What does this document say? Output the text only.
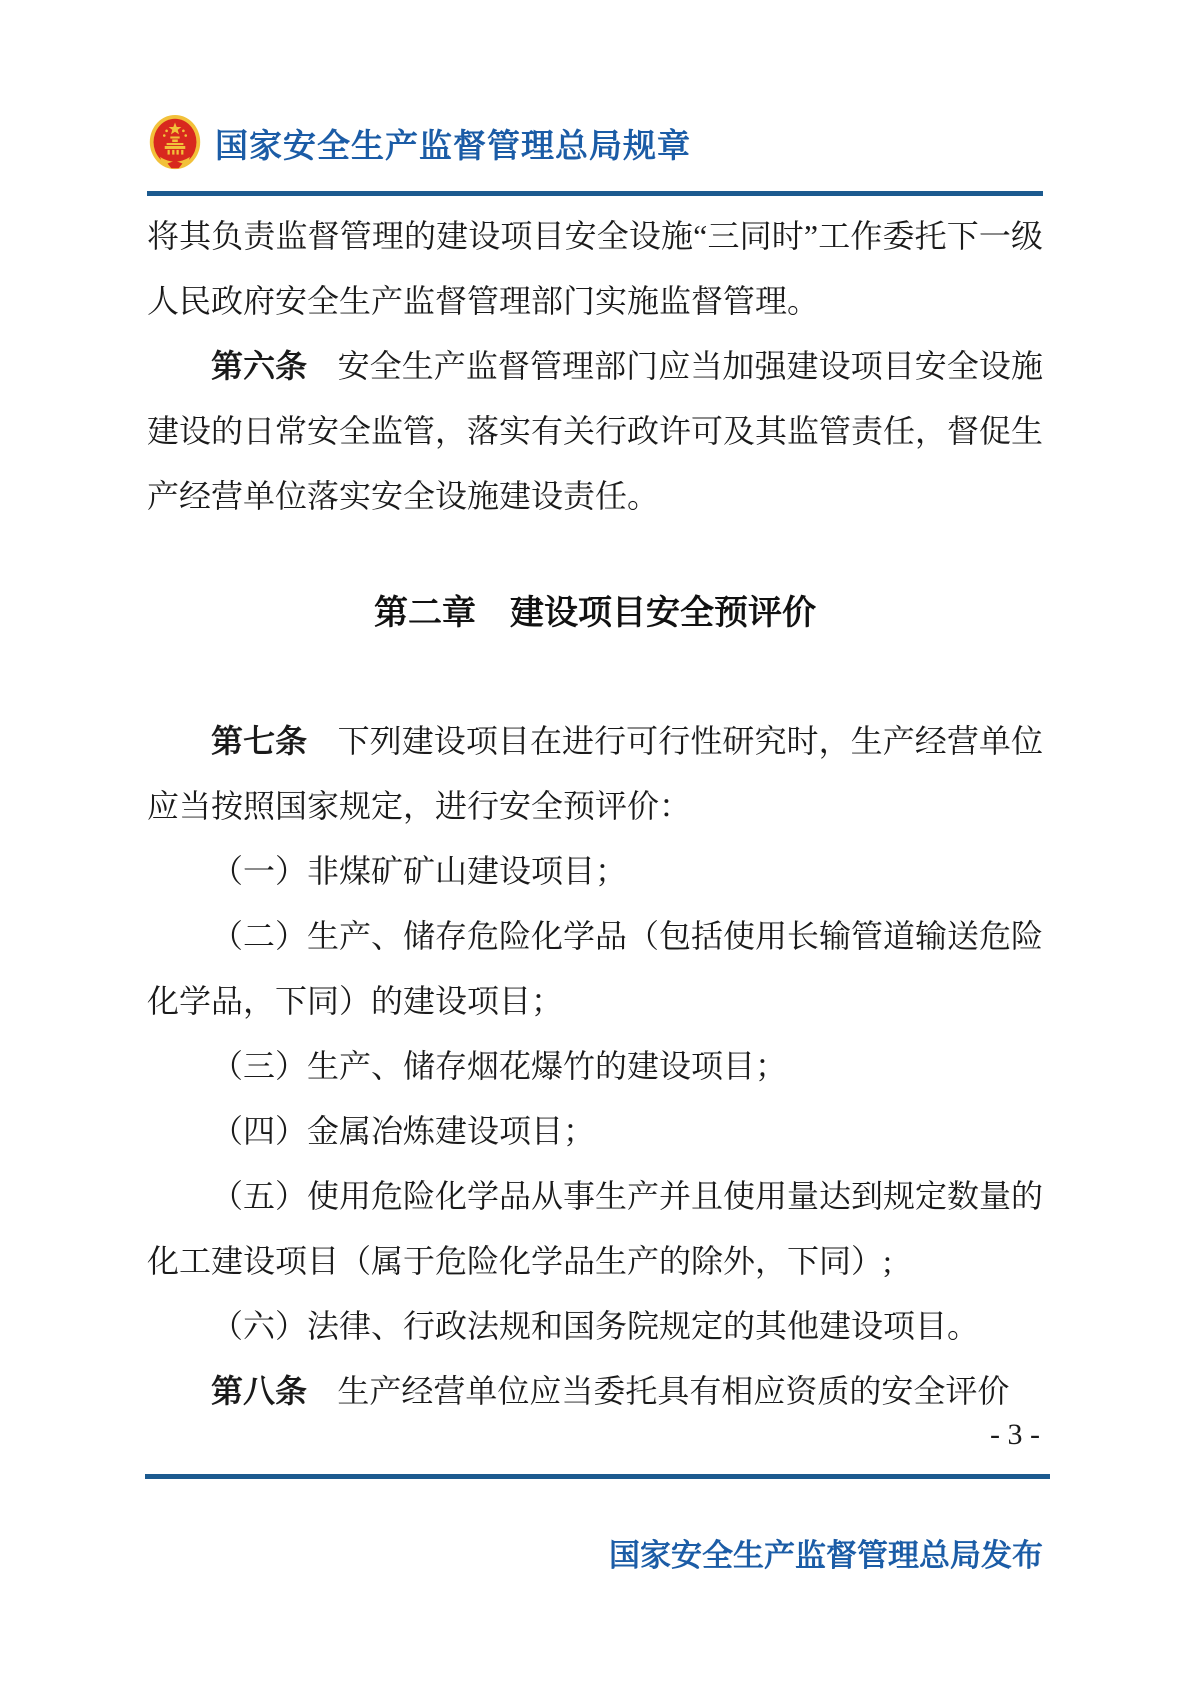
国家安全生产监督管理总局规章

将其负责监督管理的建设项目安全设施“三同时”工作委托下一级人民政府安全生产监督管理部门实施监督管理。

第六条 安全生产监督管理部门应当加强建设项目安全设施建设的日常安全监管，落实有关行政许可及其监管责任，督促生产经营单位落实安全设施建设责任。

第二章　建设项目安全预评价

第七条 下列建设项目在进行可行性研究时，生产经营单位应当按照国家规定，进行安全预评价：

（一）非煤矿矿山建设项目；

（二）生产、储存危险化学品（包括使用长输管道输送危险化学品，下同）的建设项目；

（三）生产、储存烟花爆竹的建设项目；

（四）金属冶炼建设项目；

（五）使用危险化学品从事生产并且使用量达到规定数量的化工建设项目（属于危险化学品生产的除外，下同）;

（六）法律、行政法规和国务院规定的其他建设项目。

第八条 生产经营单位应当委托具有相应资质的安全评价

- 3 -
国家安全生产监督管理总局发布
